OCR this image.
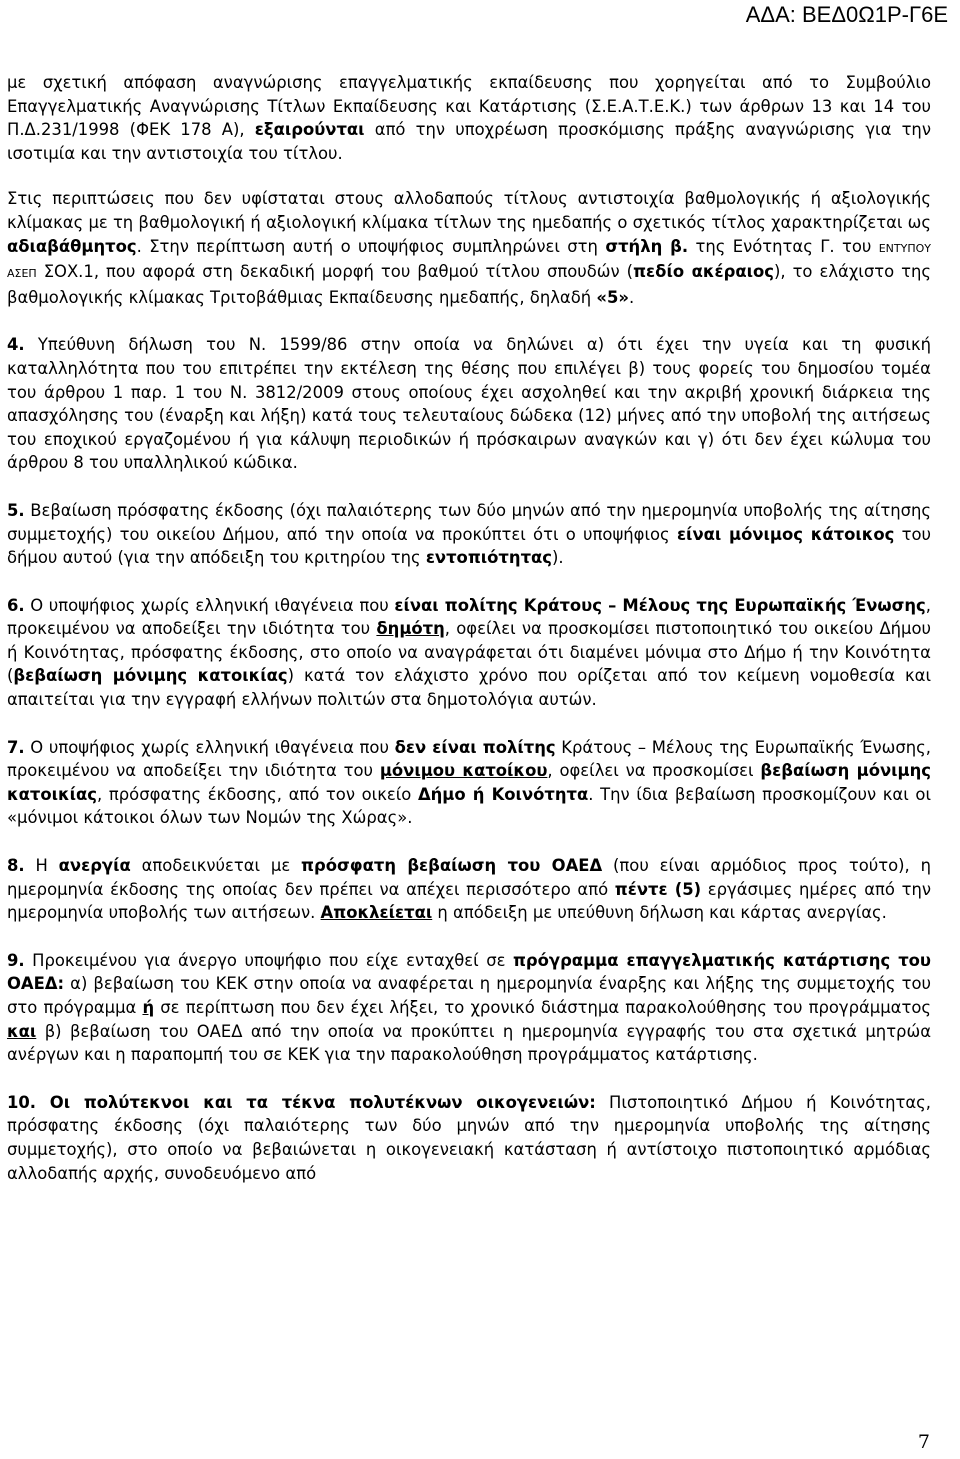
ΑΔΑ: ΒΕΔ0Ω1Ρ-Γ6Ε

με σχετική απόφαση αναγνώρισης επαγγελματικής εκπαίδευσης που χορηγείται από το Συμβούλιο Επαγγελματικής Αναγνώρισης Τίτλων Εκπαίδευσης και Κατάρτισης (Σ.Ε.Α.Τ.Ε.Κ.) των άρθρων 13 και 14 του Π.Δ.231/1998 (ΦΕΚ 178 Α), εξαιρούνται από την υποχρέωση προσκόμισης πράξης αναγνώρισης για την ισοτιμία και την αντιστοιχία του τίτλου.

Στις περιπτώσεις που δεν υφίσταται στους αλλοδαπούς τίτλους αντιστοιχία βαθμολογικής ή αξιολογικής κλίμακας με τη βαθμολογική ή αξιολογική κλίμακα τίτλων της ημεδαπής ο σχετικός τίτλος χαρακτηρίζεται ως αδιαβάθμητος. Στην περίπτωση αυτή ο υποψήφιος συμπληρώνει στη στήλη β. της Ενότητας Γ. του ΕΝΤΥΠΟΥ ΑΣΕΠ ΣΟΧ.1, που αφορά στη δεκαδική μορφή του βαθμού τίτλου σπουδών (πεδίο ακέραιος), το ελάχιστο της βαθμολογικής κλίμακας Τριτοβάθμιας Εκπαίδευσης ημεδαπής, δηλαδή «5».

4. Υπεύθυνη δήλωση του Ν. 1599/86 στην οποία να δηλώνει α) ότι έχει την υγεία και τη φυσική καταλληλότητα που του επιτρέπει την εκτέλεση της θέσης που επιλέγει β) τους φορείς του δημοσίου τομέα του άρθρου 1 παρ. 1 του Ν. 3812/2009 στους οποίους έχει ασχοληθεί και την ακριβή χρονική διάρκεια της απασχόλησης του (έναρξη και λήξη) κατά τους τελευταίους δώδεκα (12) μήνες από την υποβολή της αιτήσεως του εποχικού εργαζομένου ή για κάλυψη περιοδικών ή πρόσκαιρων αναγκών και γ) ότι δεν έχει κώλυμα του άρθρου 8 του υπαλληλικού κώδικα.

5. Βεβαίωση πρόσφατης έκδοσης (όχι παλαιότερης των δύο μηνών από την ημερομηνία υποβολής της αίτησης συμμετοχής) του οικείου Δήμου, από την οποία να προκύπτει ότι ο υποψήφιος είναι μόνιμος κάτοικος του δήμου αυτού (για την απόδειξη του κριτηρίου της εντοπιότητας).

6. Ο υποψήφιος χωρίς ελληνική ιθαγένεια που είναι πολίτης Κράτους – Μέλους της Ευρωπαϊκής Ένωσης, προκειμένου να αποδείξει την ιδιότητα του δημότη, οφείλει να προσκομίσει πιστοποιητικό του οικείου Δήμου ή Κοινότητας, πρόσφατης έκδοσης, στο οποίο να αναγράφεται ότι διαμένει μόνιμα στο Δήμο ή την Κοινότητα (βεβαίωση μόνιμης κατοικίας) κατά τον ελάχιστο χρόνο που ορίζεται από τον κείμενη νομοθεσία και απαιτείται για την εγγραφή ελλήνων πολιτών στα δημοτολόγια αυτών.

7. Ο υποψήφιος χωρίς ελληνική ιθαγένεια που δεν είναι πολίτης Κράτους – Μέλους της Ευρωπαϊκής Ένωσης, προκειμένου να αποδείξει την ιδιότητα του μόνιμου κατοίκου, οφείλει να προσκομίσει βεβαίωση μόνιμης κατοικίας, πρόσφατης έκδοσης, από τον οικείο Δήμο ή Κοινότητα. Την ίδια βεβαίωση προσκομίζουν και οι «μόνιμοι κάτοικοι όλων των Νομών της Χώρας».

8. Η ανεργία αποδεικνύεται με πρόσφατη βεβαίωση του ΟΑΕΔ (που είναι αρμόδιος προς τούτο), η ημερομηνία έκδοσης της οποίας δεν πρέπει να απέχει περισσότερο από πέντε (5) εργάσιμες ημέρες από την ημερομηνία υποβολής των αιτήσεων. Αποκλείεται η απόδειξη με υπεύθυνη δήλωση και κάρτας ανεργίας.

9. Προκειμένου για άνεργο υποψήφιο που είχε ενταχθεί σε πρόγραμμα επαγγελματικής κατάρτισης του ΟΑΕΔ: α) βεβαίωση του ΚΕΚ στην οποία να αναφέρεται η ημερομηνία έναρξης και λήξης της συμμετοχής του στο πρόγραμμα ή σε περίπτωση που δεν έχει λήξει, το χρονικό διάστημα παρακολούθησης του προγράμματος και β) βεβαίωση του ΟΑΕΔ από την οποία να προκύπτει η ημερομηνία εγγραφής του στα σχετικά μητρώα ανέργων και η παραπομπή του σε ΚΕΚ για την παρακολούθηση προγράμματος κατάρτισης.

10. Οι πολύτεκνοι και τα τέκνα πολυτέκνων οικογενειών: Πιστοποιητικό Δήμου ή Κοινότητας, πρόσφατης έκδοσης (όχι παλαιότερης των δύο μηνών από την ημερομηνία υποβολής της αίτησης συμμετοχής), στο οποίο να βεβαιώνεται η οικογενειακή κατάσταση ή αντίστοιχο πιστοποιητικό αρμόδιας αλλοδαπής αρχής, συνοδευόμενο από

7
